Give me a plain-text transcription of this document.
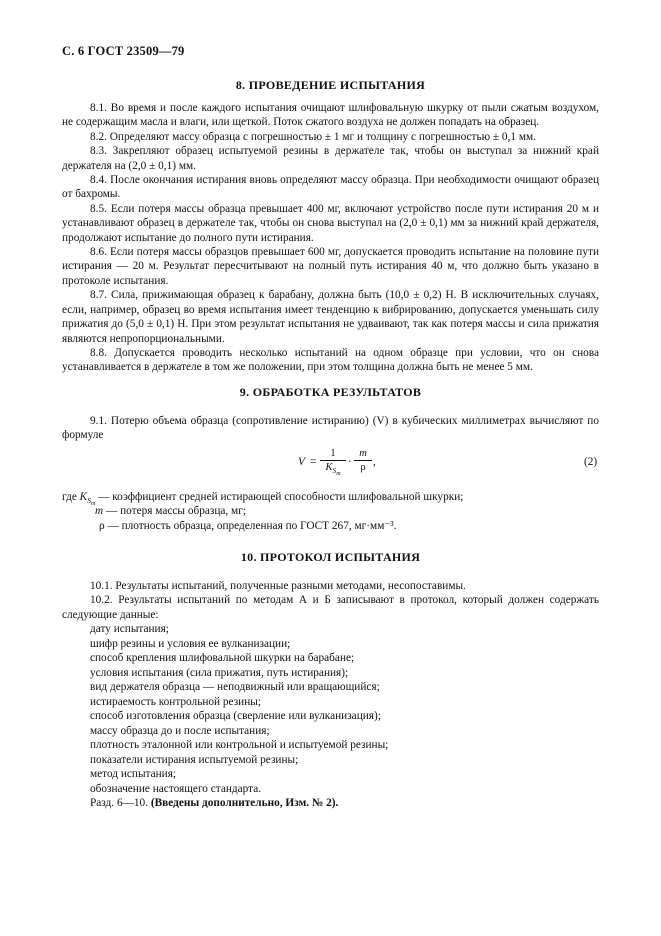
С. 6 ГОСТ 23509—79
8. ПРОВЕДЕНИЕ ИСПЫТАНИЯ

8.1. Во время и после каждого испытания очищают шлифовальную шкурку от пыли сжатым воздухом, не содержащим масла и влаги, или щеткой. Поток сжатого воздуха не должен попадать на образец.

8.2. Определяют массу образца с погрешностью ± 1 мг и толщину с погрешностью ± 0,1 мм.

8.3. Закрепляют образец испытуемой резины в держателе так, чтобы он выступал за нижний край держателя на (2,0 ± 0,1) мм.

8.4. После окончания истирания вновь определяют массу образца. При необходимости очищают образец от бахромы.

8.5. Если потеря массы образца превышает 400 мг, включают устройство после пути истирания 20 м и устанавливают образец в держателе так, чтобы он снова выступал на (2,0 ± 0,1) мм за нижний край держателя, продолжают испытание до полного пути истирания.

8.6. Если потеря массы образцов превышает 600 мг, допускается проводить испытание на половине пути истирания — 20 м. Результат пересчитывают на полный путь истирания 40 м, что должно быть указано в протоколе испытания.

8.7. Сила, прижимающая образец к барабану, должна быть (10,0 ± 0,2) Н. В исключительных случаях, если, например, образец во время испытания имеет тенденцию к вибрированию, допускается уменьшать силу прижатия до (5,0 ± 0,1) Н. При этом результат испытания не удваивают, так как потеря массы и сила прижатия являются непропорциональными.

8.8. Допускается проводить несколько испытаний на одном образце при условии, что он снова устанавливается в держателе в том же положении, при этом толщина должна быть не менее 5 мм.

9. ОБРАБОТКА РЕЗУЛЬТАТОВ

9.1. Потерю объема образца (сопротивление истиранию) (V) в кубических миллиметрах вычисляют по формуле

V =
1
$K_{Sm}$
· $\frac{m}{\rho}$ ,	(2)
где $K_{Sm}$ — коэффициент средней истирающей способности шлифовальной шкурки;
m — потеря массы образца, мг;
ρ — плотность образца, определенная по ГОСТ 267, мг·мм⁻³.
10. ПРОТОКОЛ ИСПЫТАНИЯ

10.1. Результаты испытаний, полученные разными методами, несопоставимы.

10.2. Результаты испытаний по методам А и Б записывают в протокол, который должен содержать следующие данные:

дату испытания;
шифр резины и условия ее вулканизации;
способ крепления шлифовальной шкурки на барабане;
условия испытания (сила прижатия, путь истирания);
вид держателя образца — неподвижный или вращающийся;
истираемость контрольной резины;
способ изготовления образца (сверление или вулканизация);
массу образца до и после испытания;
плотность эталонной или контрольной и испытуемой резины;
показатели истирания испытуемой резины;
метод испытания;
обозначение настоящего стандарта.
Разд. 6—10. (Введены дополнительно, Изм. № 2).
